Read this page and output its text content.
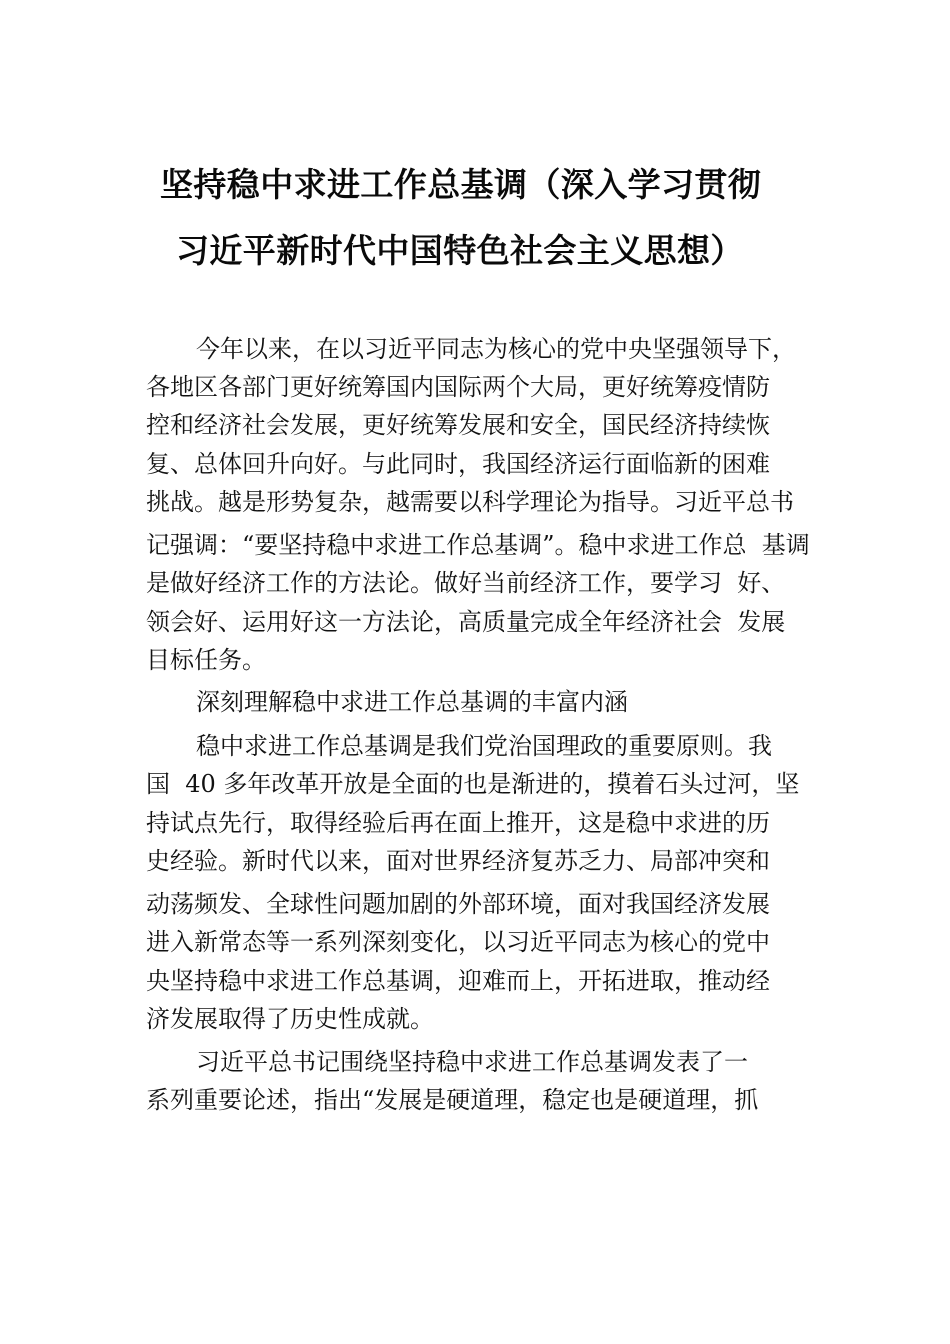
坚持稳中求进工作总基调（深入学习贯彻
习近平新时代中国特色社会主义思想）
今年以来，在以习近平同志为核心的党中央坚强领导下，
各地区各部门更好统筹国内国际两个大局，更好统筹疫情防
控和经济社会发展，更好统筹发展和安全，国民经济持续恢
复、总体回升向好。与此同时，我国经济运行面临新的困难
挑战。越是形势复杂，越需要以科学理论为指导。习近平总书
记强调：“要坚持稳中求进工作总基调”。稳中求进工作总  基调
是做好经济工作的方法论。做好当前经济工作，要学习  好、
领会好、运用好这一方法论，高质量完成全年经济社会  发展
目标任务。
深刻理解稳中求进工作总基调的丰富内涵
稳中求进工作总基调是我们党治国理政的重要原则。我
国  40 多年改革开放是全面的也是渐进的，摸着石头过河，坚
持试点先行，取得经验后再在面上推开，这是稳中求进的历
史经验。新时代以来，面对世界经济复苏乏力、局部冲突和
动荡频发、全球性问题加剧的外部环境，面对我国经济发展
进入新常态等一系列深刻变化，以习近平同志为核心的党中
央坚持稳中求进工作总基调，迎难而上，开拓进取，推动经
济发展取得了历史性成就。
习近平总书记围绕坚持稳中求进工作总基调发表了一
系列重要论述，指出“发展是硬道理，稳定也是硬道理，抓
